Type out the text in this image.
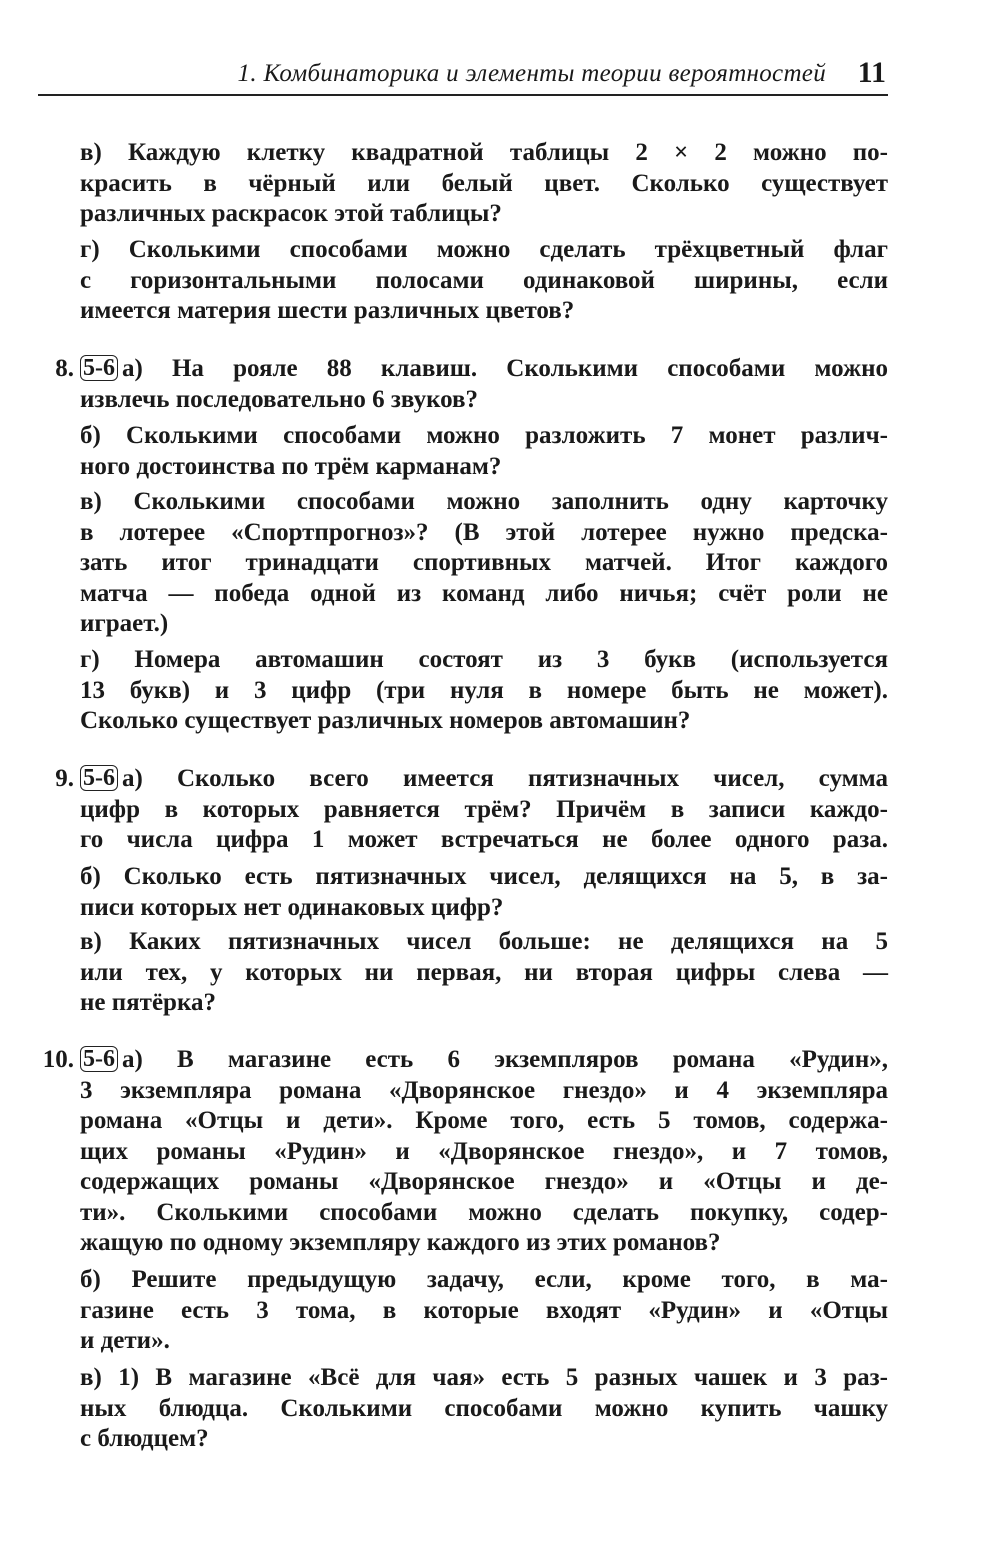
1. Комбинаторика и элементы теории вероятностей 11
в) Каждую клетку квадратной таблицы 2 × 2 можно по-
красить в чёрный или белый цвет. Сколько существует
различных раскрасок этой таблицы?
г) Сколькими способами можно сделать трёхцветный флаг
с горизонтальными полосами одинаковой ширины, если
имеется материя шести различных цветов?
8. 5-6 а) На рояле 88 клавиш. Сколькими способами можно
извлечь последовательно 6 звуков?
б) Сколькими способами можно разложить 7 монет различ-
ного достоинства по трём карманам?
в) Сколькими способами можно заполнить одну карточку
в лотерее «Спортпрогноз»? (В этой лотерее нужно предска-
зать итог тринадцати спортивных матчей. Итог каждого
матча — победа одной из команд либо ничья; счёт роли не
играет.)
г) Номера автомашин состоят из 3 букв (используется
13 букв) и 3 цифр (три нуля в номере быть не может).
Сколько существует различных номеров автомашин?
9. 5-6 а) Сколько всего имеется пятизначных чисел, сумма
цифр в которых равняется трём? Причём в записи каждо-
го числа цифра 1 может встречаться не более одного раза.
б) Сколько есть пятизначных чисел, делящихся на 5, в за-
писи которых нет одинаковых цифр?
в) Каких пятизначных чисел больше: не делящихся на 5
или тех, у которых ни первая, ни вторая цифры слева —
не пятёрка?
10. 5-6 а) В магазине есть 6 экземпляров романа «Рудин»,
3 экземпляра романа «Дворянское гнездо» и 4 экземпляра
романа «Отцы и дети». Кроме того, есть 5 томов, содержа-
щих романы «Рудин» и «Дворянское гнездо», и 7 томов,
содержащих романы «Дворянское гнездо» и «Отцы и де-
ти». Сколькими способами можно сделать покупку, содер-
жащую по одному экземпляру каждого из этих романов?
б) Решите предыдущую задачу, если, кроме того, в ма-
газине есть 3 тома, в которые входят «Рудин» и «Отцы
и дети».
в) 1) В магазине «Всё для чая» есть 5 разных чашек и 3 раз-
ных блюдца. Сколькими способами можно купить чашку
с блюдцем?
